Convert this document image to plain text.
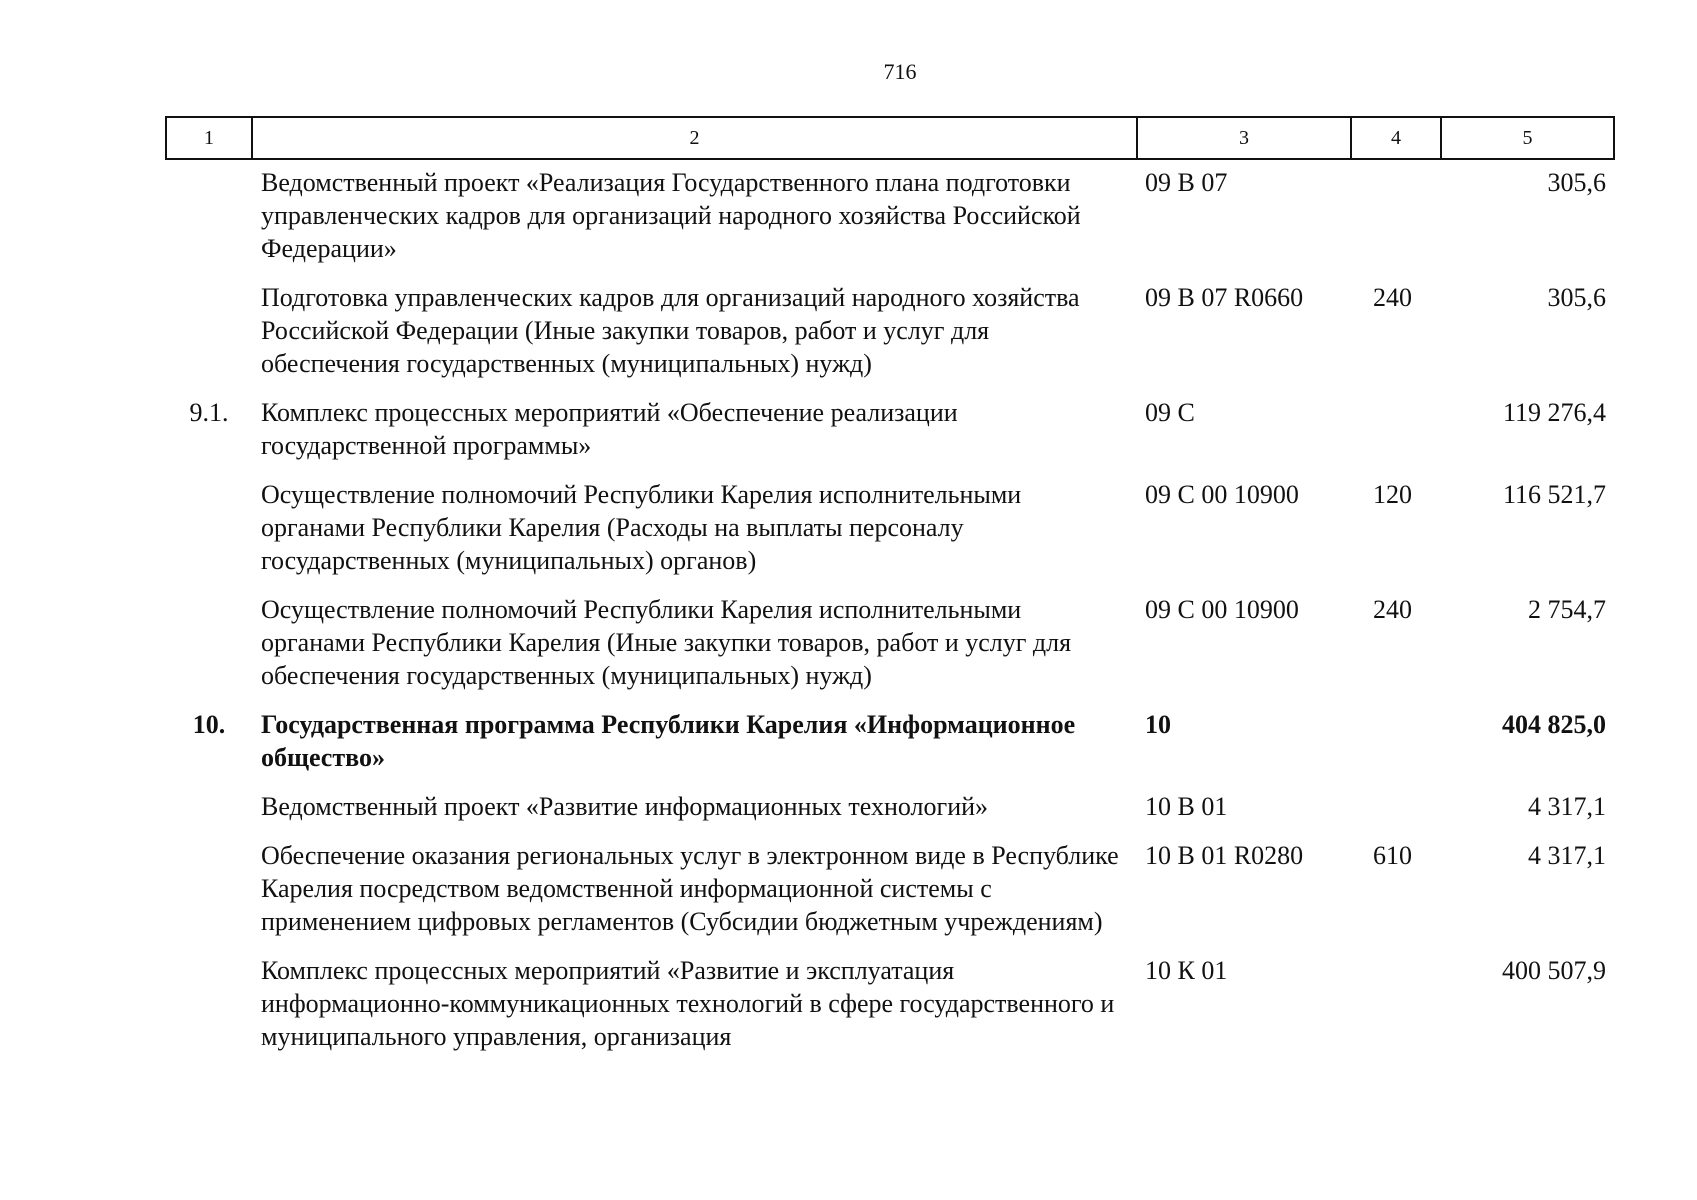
716
1	2	3	4	5
	Ведомственный проект «Реализация Государственного плана подготовки управленческих кадров для организаций народного хозяйства Российской Федерации»	09 В 07		305,6
	Подготовка управленческих кадров для организаций народного хозяйства Российской Федерации (Иные закупки товаров, работ и услуг для обеспечения государственных (муниципальных) нужд)	09 В 07 R0660	240	305,6
9.1.	Комплекс процессных мероприятий «Обеспечение реализации государственной программы»	09 С		119 276,4
	Осуществление полномочий Республики Карелия исполнительными органами Республики Карелия (Расходы на выплаты персоналу государственных (муниципальных) органов)	09 С 00 10900	120	116 521,7
	Осуществление полномочий Республики Карелия исполнительными органами Республики Карелия (Иные закупки товаров, работ и услуг для обеспечения государственных (муниципальных) нужд)	09 С 00 10900	240	2 754,7
10.	Государственная программа Республики Карелия «Информационное общество»	10		404 825,0
	Ведомственный проект «Развитие информационных технологий»	10 В 01		4 317,1
	Обеспечение оказания региональных услуг в электронном виде в Республике Карелия посредством ведомственной информационной системы с применением цифровых регламентов (Субсидии бюджетным учреждениям)	10 В 01 R0280	610	4 317,1
	Комплекс процессных мероприятий «Развитие и эксплуатация информационно-коммуникационных технологий в сфере государственного и муниципального управления, организация	10 К 01		400 507,9
